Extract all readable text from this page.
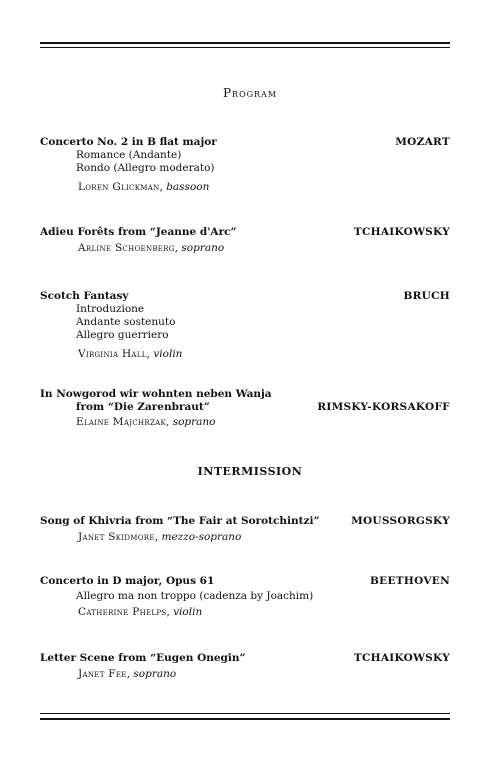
Program
Concerto No. 2 in B flat major	MOZART
Romance (Andante)
Rondo (Allegro moderato)
Loren Glickman, bassoon
Adieu Forêts from “Jeanne d'Arc”	TCHAIKOWSKY
Arline Schoenberg, soprano
Scotch Fantasy	BRUCH
Introduzione
Andante sostenuto
Allegro guerriero
Virginia Hall, violin
In Nowgorod wir wohnten neben Wanja
from “Die Zarenbraut”	RIMSKY-KORSAKOFF
Elaine Majchrzak, soprano
INTERMISSION
Song of Khivria from “The Fair at Sorotchintzi”	MOUSSORGSKY
Janet Skidmore, mezzo-soprano
Concerto in D major, Opus 61	BEETHOVEN
Allegro ma non troppo (cadenza by Joachim)
Catherine Phelps, violin
Letter Scene from “Eugen Onegin”	TCHAIKOWSKY
Janet Fee, soprano
